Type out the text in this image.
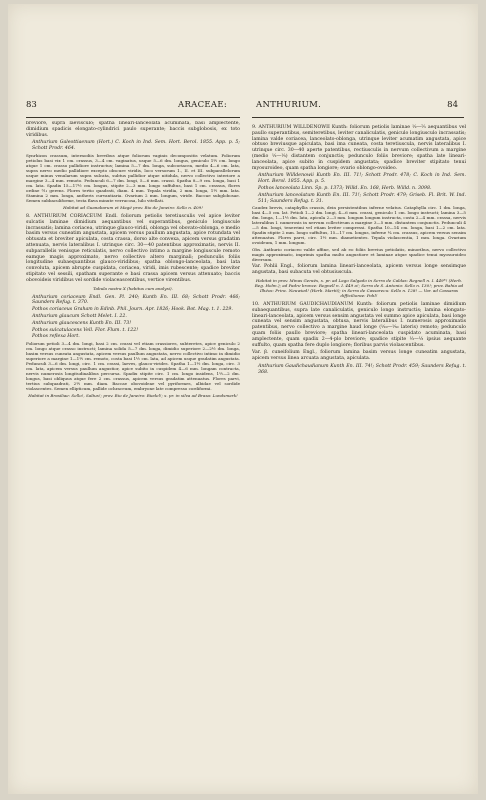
83	ARACEAE:	ANTHURIUM.	84

breviore, supra laevisculo; spatha lineari-lanceolata acuminata, basi amplectente, dimidium spadicis elongato-cylindrici paulo superante; baccis subglobosis, ex toto viridibus.

Anthurium Galeottiaenum (Hort.) C. Koch in Ind. Sem. Hort. Berol. 1855. App. p. 5; Schott Prodr. 464.

Synrhizon crassum, internodiis brevibus atque foliorum vaginis decompositis velatum. Foliorum petiolus basi vix 1 cm. crassus, 3—4 cm. vaginatus, usque 5—6 dm. longus, geniculo 1½ cm. longo atque 1 cm. crasso pallidiore instructus; lamina 5—7 dm. longa, subcoriacea, medio 4—6 cm. lata, supra nervo medio pallidiore excepto obscure viridis, loco versorum 1., II. et III. subparallelorum usque minus venularum supra sulcata, subtus pallidior atque nitidula, nervo collectivo interiore a margine 3—4 mm. remoto. Pedunculi 6—7 dm. longi, 5—6 mm. crassi. Spatha 8—9 cm. longa, basi 1 cm. lata. Spadix 15—17½ cm. longus, stipite 2—3 mm. longo suffultus, basi 1 cm. crassus, flores ordine ⁵⁄₁₁ gerens. Flores tertio quadrati, diam. 4 mm. Tepala viridia, 2 mm. longa, 1½ mm. lata. Stamina 2 mm. longa, antheris curvantiaria. Ovarium 2 mm. longum, viride. Baccae subglobosae. Semen subbaculiforme, testa flava minute verrucosa, hilo vitellati.

Habitat ad Guanabarum et Magé prov. Rio de Janeiro: Sello n. 409!

8. ANTHURIUM CORIACEUM Endl. foliorum petiolis teretiusculis vel apice leviter sulcatis laminae dimidium aequantibus vel superantibus, geniculo longiuscule incrassatis; lamina coriacea, utrinque glauco-viridi, oblonga vel obovato-oblonga, e medio basim versus cuneatim angustata, apicem versus paullum angustata, apice rotundata vel obtusata et breviter apiculata, costa crassa, dorso alte convexa, apicem versus gradatim attenuata, nervis lateralibus I. utrinque circ. 30—40 patentibus approximatis, nervis II. subparallelis venisque reticulatis, nervo collectivo intimo a margine longiuscule remoto eamque magis approximato, nervo collectivo altero marginali; pedunculis foliis longitudine subaequantibus glauco-viridibus; spatha oblongo-lanceolata, basi lata convoluta, apicem abrupte cuspidata, coriacea, viridi, imis rubescente; spadice breviter stipitato vel sessili, spatham superante e basi crassa apicem versus attenuato; baccis obovoideis viridibus vel sordide violaceascentibus, vertice virentibus.

Tabula nostra X (habitus cum analysi).

Anthurium coriaceum Endl. Gen. Pl. 240; Kunth En. III. 68; Schott Prodr. 466; Saunders Refug. t. 370.

Pothos coriaceus Graham in Edinb. Phil. Journ. Apr. 1826; Hook. Bot. Mag. t. 1. 229.

Anthurium glaucum Schott Melet. I. 22.

Anthurium glaucescens Kunth En. III. 73!

Pothos sulcatulacens Vell. Flor. Flum. t. 122!

Pothos reflexa Hort.

Foliorum petioli 3—4 dm. longi, basi 2 cm. crassi vel etiam crassiores, subteretes, apice geniculo 2 cm. longo atque crasso instructi; lamina solida 5—7 dm. longa, dimidio superiore 2—2½ dm. longa, basim versus cuneata angustata, apicem versus paullum angustata, nervo collectivo intimo in dimidio superiore a margine 1—1½ cm. remoto, costa basi 1½ cm. lata, ad apicem usque gradatim angustata. Pedunculi 3—6 dm. longi, circ. 1 cm. crassi, laeves, glauco-virides. Spatha 1—1½ dm. longa, circ. 3 cm. lata, apicem versus paullum angustior, apice subito in cuspidem 4—6 mm. longam contracta, nervis numerosis longitudinalibus percursa. Spadix stipite circ. 1 cm. longo insidens, 1½—2 dm. longus, basi obliquus atque fere 2 cm. crassus, apicem versus gradatim attenuatus. Flores parvi, tertius subquadrati, 2½ mm. diam. Baccae obovoideae vel pyriformes, albidae vel sordide violascentes. Semen ellipticum, pallide ochraceum, embryone late compresso cordiformi.

Habitat in Brasiliae: Sello!, Saltus!; prov. Rio de Janeiro: Riedel!; s. pr. in silva ad Brasa: Lundsmark!

9. ANTHURIUM WILLDENOWII Kunth: foliorum petiolis laminae ¹⁄₂—⅔ aequantibus vel paullo superantibus, semiteretibus, leviter canaliculatis, geniculo longiusculo incrassatis; lamina valde coriacea, lanceolato-oblonga, utrinque leviter acumatim angustata, apice obtuso breviusque apiculata, basi ima cuneata, costa teretiuscula, nervis lateralibus I. utrinque circ. 30—40 aperte patentibus, rectiusculis in nervum collectivum a margine (medio ¹⁄₂—¹⁄₃) distantem conjunctis; pedunculo foliis breviore; spatha late lineari-lanceolata, apice subito in cuspidem angustata; spadice breviter stipitato tenui myosuroideo, quam spatha longiore; ovario oblongo-ovoideo.

Anthurium Willdenowii Kunth En. III. 71!; Schott Prodr. 478; C. Koch in Ind. Sem. Hort. Berol. 1855. App. p. 5.

Pothos lanceolata Linn. Sp. p. 1373; Willd. En. 168, Herb. Willd. n. 3098.

Anthurium lanceolatum Kunth En. III. 71!; Schott Prodr. 479; Griseb. Fl. Brit. W. Ind. 511; Saunders Refug. t. 31.

Caudex brevis, cataphyllis crassis, dein persistentibus inferne velatus. Cataphylla circ. 1 dm. longa, basi 4—5 cm. lat. Petioli 1—2 dm. longi, 4—6 mm. crassi, geniculo 1 cm. longo instructi; lamina 3—5 dm. longa, 1—1½ dm. lata, apicula 2—3 mm. longum longum instructa, costa 2—4 mm. crassa, nervis lateralibus I. numerosis in nervum collectivum a margine 3—5 mm. distantem conjunctis. Pedunculi 4—5 dm. longi, tenerrimi vel etiam leviter compressi. Spatha 10—14 cm. longa, basi 1—2 cm. lata. Spadix stipite 2 mm. longo suffultus, 15—17 cm. longus, inferne ¼ cm. crassus, apicem versus sensim attenuatus. Flores parvi, circ. 1½ mm. diametientes. Tepala violascentia, 1 mm. longa. Ovarium ovoideum, 1 mm. longum.

Obs. Anthurio coriaceo valde affine, sed ab eo foliis brevius petiolatis, minoribus, nervo collectivo magis approximato, imprimis spatha multo angustiore et laminae atque spadice tenui myosuroideo diversum.

Var. Pohlii Engl., foliorum lamina lineari-lanceolata, apicem versus longe sensimque angustata, basi subacuta vel obtusiuscula.

Habitat in prov. Minas Geraës, s. pr. ad Lago Salgado in Serra de Caldas: Regnell n. I. 449*! (Herb. Reg. Holm.); ad Padre bronze: Regnell n. I. 449 a!; Serra de S. Antonio: Sello n. 130!; prov. Bahia ad Ilhéos: Princ. Neuwied! (Herb. Martii); in Serra de Cassarecu: Sello n. 128! — Var. ad Cassaras difficiliorae: Pohl!

10. ANTHURIUM GAUDICHAUDIANUM Kunth: foliorum petiolis laminae dimidium subaequantibus, supra late canaliculatis, geniculo longo instructis; lamina elongato-lineari-lanceolata, apicem versus sensim angustata vel summo apice apiculata, basi longe cuneata vel sensim angustata, obtusa, nervis lateralibus I. numerosis approximatis patentibus, nervo collectivo a margine haud longe (¹⁄₂₀—¹⁄₃₀ lateris) remoto; pedunculo quam foliis paullo breviore; spatha lineari-lanceolata cuspidato acuminata, basi amplectente, quam spadix 2—4-plo breviore; spadice stipite ¹⁄₂—¹⁄₃ ipsius aequante suffulto, quam spatha fere duplo longiore; floribus parvis violascentibus.

Var. β. cuneifolium Engl., foliorum lamina basim versus longe cuneatim angustata, apicem versus linea arcuata angustata, apiculata.

Anthurium Gaudichaudianum Kunth En. III. 74!; Schott Prodr. 459; Saunders Refug. t. 368.
